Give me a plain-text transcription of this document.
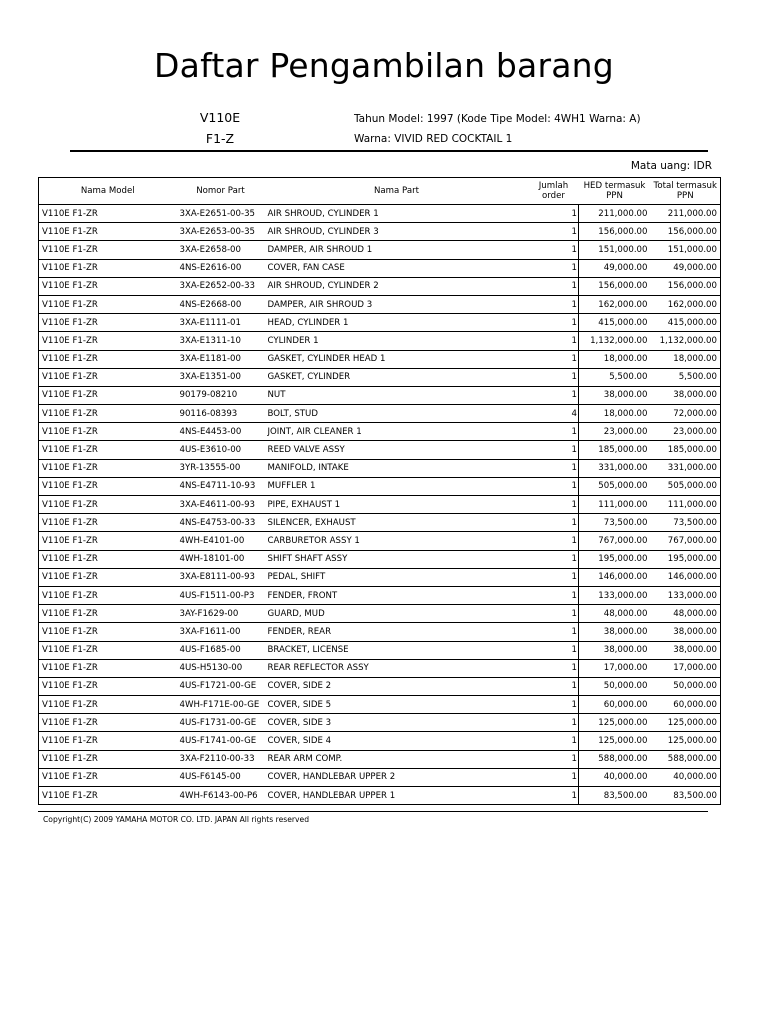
Daftar Pengambilan barang
V110E
F1-Z
Tahun Model: 1997 (Kode Tipe Model: 4WH1 Warna: A)
Warna: VIVID RED COCKTAIL 1
Mata uang: IDR
Nama Model	Nomor Part	Nama Part	Jumlah order	HED termasuk PPN	Total termasuk PPN
V110E F1-ZR	3XA-E2651-00-35	AIR SHROUD, CYLINDER 1	1	211,000.00	211,000.00
V110E F1-ZR	3XA-E2653-00-35	AIR SHROUD, CYLINDER 3	1	156,000.00	156,000.00
V110E F1-ZR	3XA-E2658-00	DAMPER, AIR SHROUD 1	1	151,000.00	151,000.00
V110E F1-ZR	4NS-E2616-00	COVER, FAN CASE	1	49,000.00	49,000.00
V110E F1-ZR	3XA-E2652-00-33	AIR SHROUD, CYLINDER 2	1	156,000.00	156,000.00
V110E F1-ZR	4NS-E2668-00	DAMPER, AIR SHROUD 3	1	162,000.00	162,000.00
V110E F1-ZR	3XA-E1111-01	HEAD, CYLINDER 1	1	415,000.00	415,000.00
V110E F1-ZR	3XA-E1311-10	CYLINDER 1	1	1,132,000.00	1,132,000.00
V110E F1-ZR	3XA-E1181-00	GASKET, CYLINDER HEAD 1	1	18,000.00	18,000.00
V110E F1-ZR	3XA-E1351-00	GASKET, CYLINDER	1	5,500.00	5,500.00
V110E F1-ZR	90179-08210	NUT	1	38,000.00	38,000.00
V110E F1-ZR	90116-08393	BOLT, STUD	4	18,000.00	72,000.00
V110E F1-ZR	4NS-E4453-00	JOINT, AIR CLEANER 1	1	23,000.00	23,000.00
V110E F1-ZR	4US-E3610-00	REED VALVE ASSY	1	185,000.00	185,000.00
V110E F1-ZR	3YR-13555-00	MANIFOLD, INTAKE	1	331,000.00	331,000.00
V110E F1-ZR	4NS-E4711-10-93	MUFFLER 1	1	505,000.00	505,000.00
V110E F1-ZR	3XA-E4611-00-93	PIPE, EXHAUST 1	1	111,000.00	111,000.00
V110E F1-ZR	4NS-E4753-00-33	SILENCER, EXHAUST	1	73,500.00	73,500.00
V110E F1-ZR	4WH-E4101-00	CARBURETOR ASSY 1	1	767,000.00	767,000.00
V110E F1-ZR	4WH-18101-00	SHIFT SHAFT ASSY	1	195,000.00	195,000.00
V110E F1-ZR	3XA-E8111-00-93	PEDAL, SHIFT	1	146,000.00	146,000.00
V110E F1-ZR	4US-F1511-00-P3	FENDER, FRONT	1	133,000.00	133,000.00
V110E F1-ZR	3AY-F1629-00	GUARD, MUD	1	48,000.00	48,000.00
V110E F1-ZR	3XA-F1611-00	FENDER, REAR	1	38,000.00	38,000.00
V110E F1-ZR	4US-F1685-00	BRACKET, LICENSE	1	38,000.00	38,000.00
V110E F1-ZR	4US-H5130-00	REAR REFLECTOR ASSY	1	17,000.00	17,000.00
V110E F1-ZR	4US-F1721-00-GE	COVER, SIDE 2	1	50,000.00	50,000.00
V110E F1-ZR	4WH-F171E-00-GE	COVER, SIDE 5	1	60,000.00	60,000.00
V110E F1-ZR	4US-F1731-00-GE	COVER, SIDE 3	1	125,000.00	125,000.00
V110E F1-ZR	4US-F1741-00-GE	COVER, SIDE 4	1	125,000.00	125,000.00
V110E F1-ZR	3XA-F2110-00-33	REAR ARM COMP.	1	588,000.00	588,000.00
V110E F1-ZR	4US-F6145-00	COVER, HANDLEBAR UPPER 2	1	40,000.00	40,000.00
V110E F1-ZR	4WH-F6143-00-P6	COVER, HANDLEBAR UPPER 1	1	83,500.00	83,500.00
Copyright(C) 2009 YAMAHA MOTOR CO. LTD. JAPAN All rights reserved
